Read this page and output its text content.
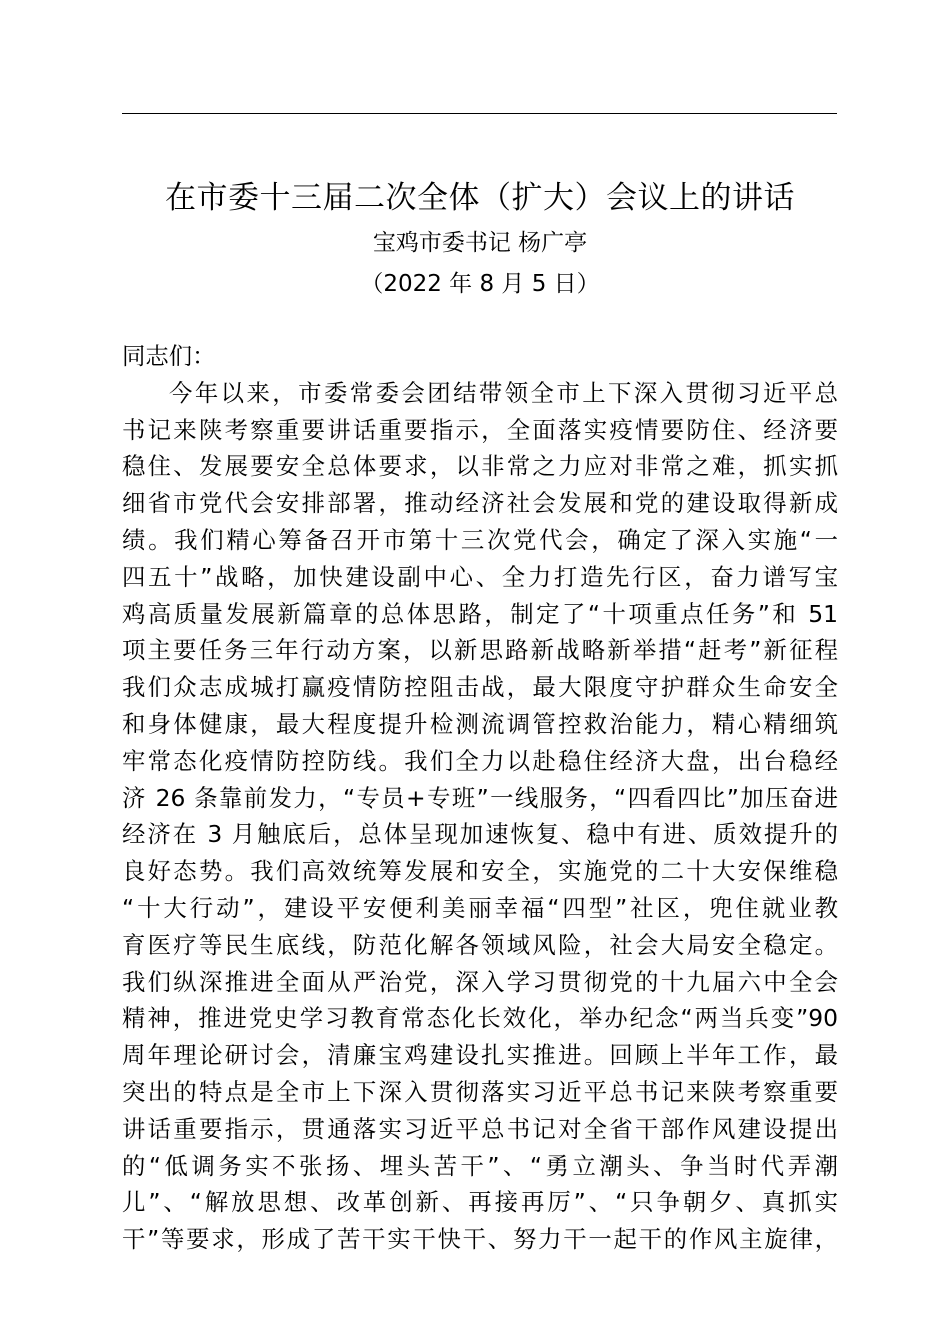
在市委十三届二次全体（扩大）会议上的讲话
宝鸡市委书记 杨广亭
（2022 年 8 月 5 日）
同志们：
今年以来，市委常委会团结带领全市上下深入贯彻习近平总
书记来陕考察重要讲话重要指示，全面落实疫情要防住、经济要
稳住、发展要安全总体要求，以非常之力应对非常之难，抓实抓
细省市党代会安排部署，推动经济社会发展和党的建设取得新成
绩。我们精心筹备召开市第十三次党代会，确定了深入实施“一
四五十”战略，加快建设副中心、全力打造先行区，奋力谱写宝
鸡高质量发展新篇章的总体思路，制定了“十项重点任务”和 51
项主要任务三年行动方案，以新思路新战略新举措“赶考”新征程
我们众志成城打赢疫情防控阻击战，最大限度守护群众生命安全
和身体健康，最大程度提升检测流调管控救治能力，精心精细筑
牢常态化疫情防控防线。我们全力以赴稳住经济大盘，出台稳经
济 26 条靠前发力，“专员+专班”一线服务，“四看四比”加压奋进
经济在 3 月触底后，总体呈现加速恢复、稳中有进、质效提升的
良好态势。我们高效统筹发展和安全，实施党的二十大安保维稳
“十大行动”，建设平安便利美丽幸福“四型”社区，兜住就业教
育医疗等民生底线，防范化解各领域风险，社会大局安全稳定。
我们纵深推进全面从严治党，深入学习贯彻党的十九届六中全会
精神，推进党史学习教育常态化长效化，举办纪念“两当兵变”90
周年理论研讨会，清廉宝鸡建设扎实推进。回顾上半年工作，最
突出的特点是全市上下深入贯彻落实习近平总书记来陕考察重要
讲话重要指示，贯通落实习近平总书记对全省干部作风建设提出
的“低调务实不张扬、埋头苦干”、“勇立潮头、争当时代弄潮
儿”、“解放思想、改革创新、再接再厉”、“只争朝夕、真抓实
干”等要求，形成了苦干实干快干、努力干一起干的作风主旋律，
